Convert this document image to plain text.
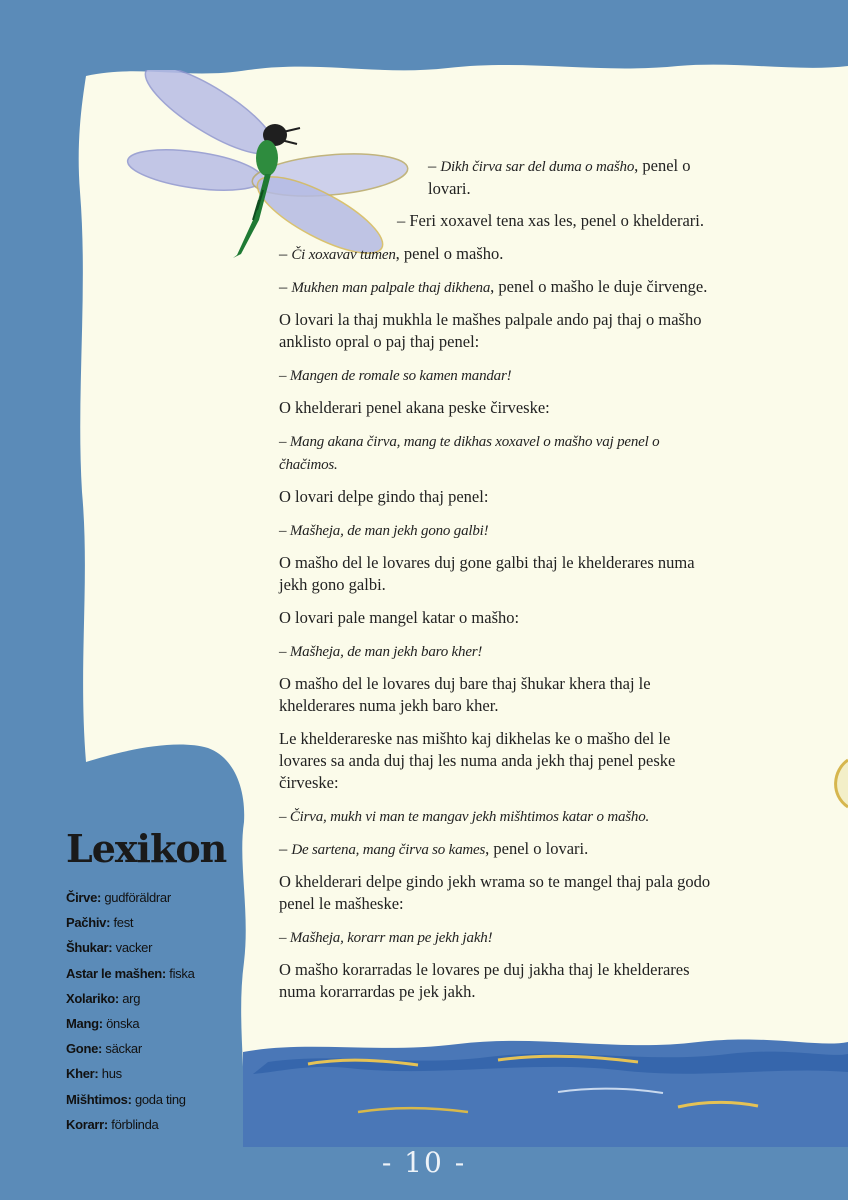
– Dikh čirva sar del duma o mašho, penel o lovari.

– Feri xoxavel tena xas les, penel o khelderari.

– Či xoxavav tumen, penel o mašho.

– Mukhen man palpale thaj dikhena, penel o mašho le duje čirvenge.

O lovari la thaj mukhla le mašhes palpale ando paj thaj o mašho anklisto opral o paj thaj penel:

– Mangen de romale so kamen mandar!

O khelderari penel akana peske čirveske:

– Mang akana čirva, mang te dikhas xoxavel o mašho vaj penel o čhačimos.

O lovari delpe gindo thaj penel:

– Mašheja, de man jekh gono galbi!

O mašho del le lovares duj gone galbi thaj le khelderares numa jekh gono galbi.

O lovari pale mangel katar o mašho:

– Mašheja, de man jekh baro kher!

O mašho del le lovares duj bare thaj šhukar khera thaj le khelderares numa jekh baro kher.

Le khelderareske nas mišhto kaj dikhelas ke o mašho del le lovares sa anda duj thaj les numa anda jekh thaj penel peske čirveske:

– Čirva, mukh vi man te mangav jekh mišhtimos katar o mašho.

– De sartena, mang čirva so kames, penel o lovari.

O khelderari delpe gindo jekh wrama so te mangel thaj pala godo penel le mašheske:

– Mašheja, korarr man pe jekh jakh!

O mašho korarradas le lovares pe duj jakha thaj le khelderares numa korarrardas pe jek jakh.

Lexikon
Čirve: gudföräldrar
Pačhiv: fest
Šhukar: vacker
Astar le mašhen: fiska
Xolariko: arg
Mang: önska
Gone: säckar
Kher: hus
Mišhtimos: goda ting
Korarr: förblinda
- 10 -
